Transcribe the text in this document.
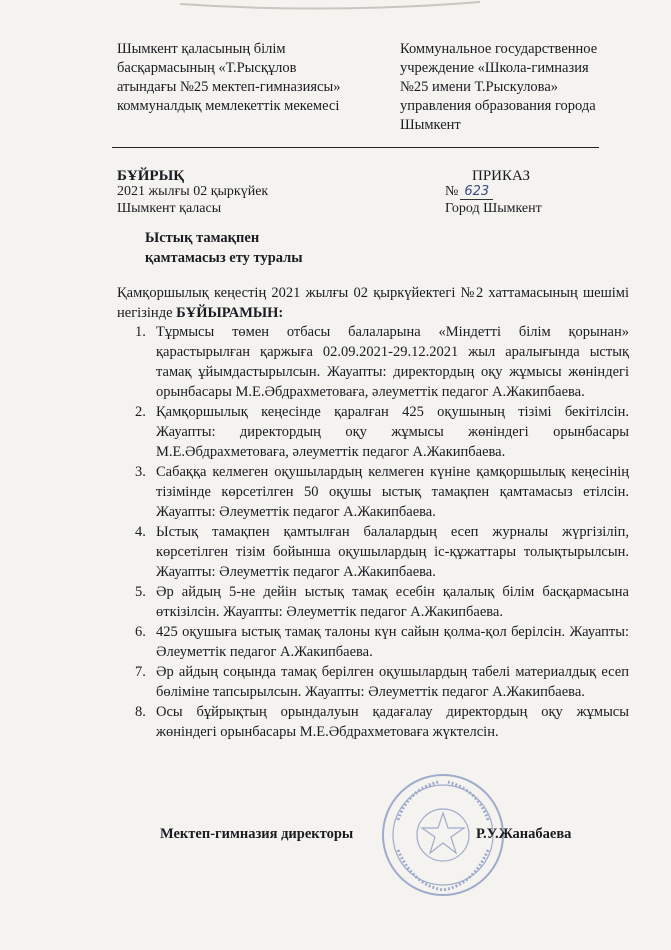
Шымкент қаласының білім
басқармасының «Т.Рысқұлов
атындағы №25 мектеп-гимназиясы»
коммуналдық мемлекеттік мекемесі
Коммунальное государственное
учреждение «Школа-гимназия
№25 имени Т.Рыскулова»
управления образования города
Шымкент
БҰЙРЫҚ	ПРИКАЗ
2021 жылғы 02 қыркүйек
Шымкент қаласы
№ 623
Город Шымкент
Ыстық тамақпен
қамтамасыз ету туралы
Қамқоршылық кеңестің 2021 жылғы 02 қыркүйектегі №2 хаттамасының шешімі негізінде БҰЙЫРАМЫН:
1. Тұрмысы төмен отбасы балаларына «Міндетті білім қорынан» қарастырылған қаржыға 02.09.2021-29.12.2021 жыл аралығында ыстық тамақ ұйымдастырылсын. Жауапты: директордың оқу жұмысы жөніндегі орынбасары М.Е.Әбдрахметоваға, әлеуметтік педагог А.Жакипбаева.
2. Қамқоршылық кеңесінде қаралған 425 оқушының тізімі бекітілсін. Жауапты: директордың оқу жұмысы жөніндегі орынбасары М.Е.Әбдрахметоваға, әлеуметтік педагог А.Жакипбаева.
3. Сабаққа келмеген оқушылардың келмеген күніне қамқоршылық кеңесінің тізімінде көрсетілген 50 оқушы ыстық тамақпен қамтамасыз етілсін. Жауапты: Әлеуметтік педагог А.Жакипбаева.
4. Ыстық тамақпен қамтылған балалардың есеп журналы жүргізіліп, көрсетілген тізім бойынша оқушылардың іс-құжаттары толықтырылсын. Жауапты: Әлеуметтік педагог А.Жакипбаева.
5. Әр айдың 5-не дейін ыстық тамақ есебін қалалық білім басқармасына өткізілсін. Жауапты: Әлеуметтік педагог А.Жакипбаева.
6. 425 оқушыға ыстық тамақ талоны күн сайын қолма-қол берілсін. Жауапты: Әлеуметтік педагог А.Жакипбаева.
7. Әр айдың соңында тамақ берілген оқушылардың табелі материалдық есеп бөліміне тапсырылсын. Жауапты: Әлеуметтік педагог А.Жакипбаева.
8. Осы бұйрықтың орындалуын қадағалау директордың оқу жұмысы жөніндегі орынбасары М.Е.Әбдрахметоваға жүктелсін.
Мектеп-гимназия директоры	Р.У.Жанабаева
